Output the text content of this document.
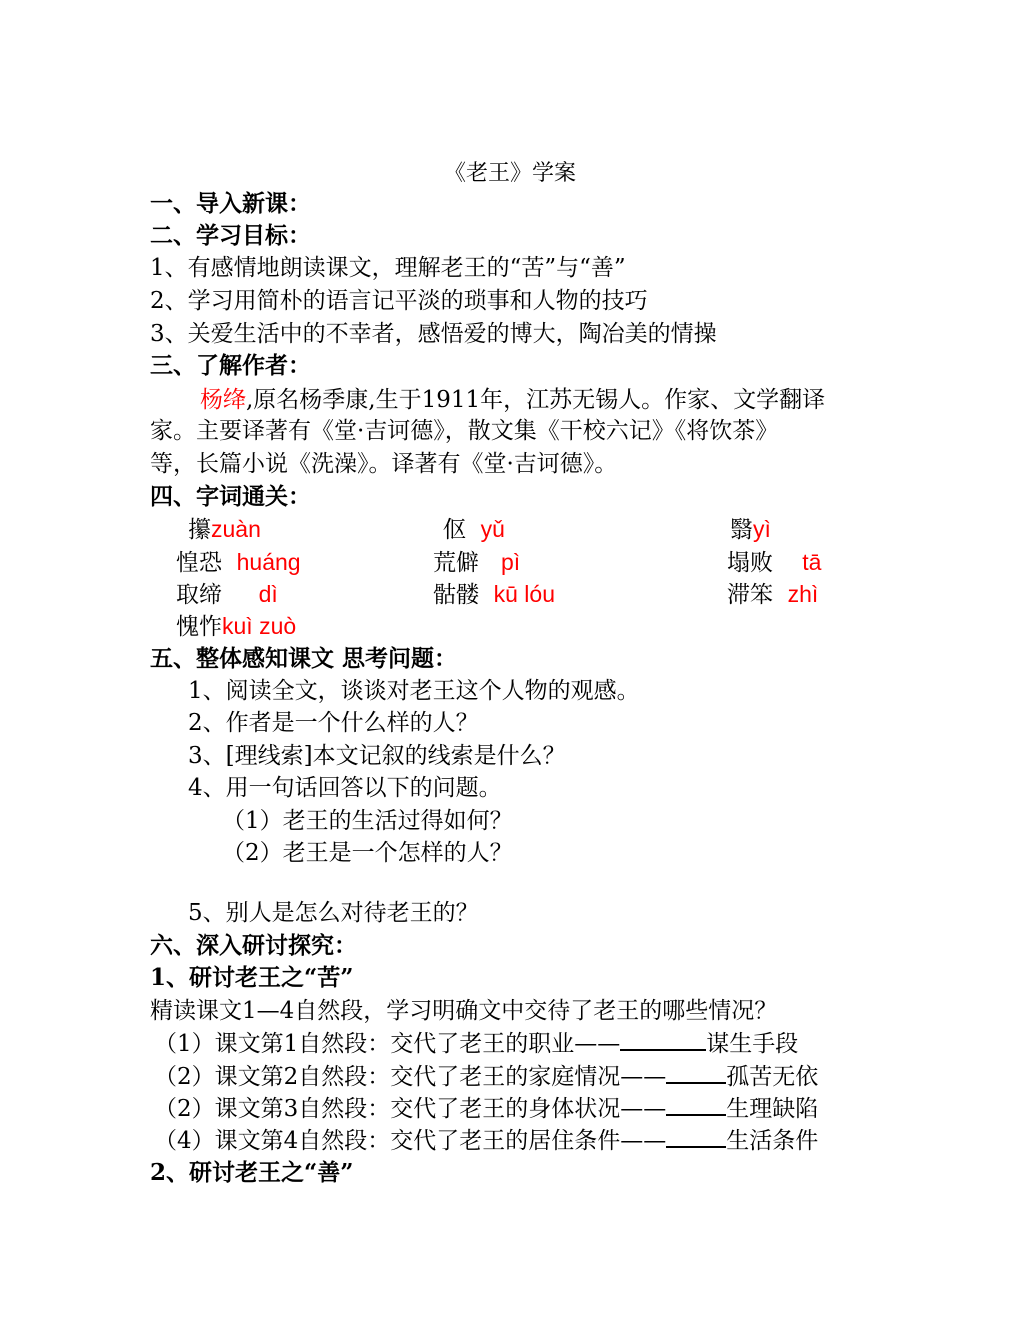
《老王》学案
一、导入新课：
二、学习目标：
1、有感情地朗读课文，理解老王的“苦”与“善”
2、学习用简朴的语言记平淡的琐事和人物的技巧
3、关爱生活中的不幸者，感悟爱的博大，陶冶美的情操
三、了解作者：
杨绛,原名杨季康,生于1911年，江苏无锡人。作家、文学翻译
家。主要译著有《堂·吉诃德》，散文集《干校六记》《将饮茶》
等，长篇小说《洗澡》。译著有《堂·吉诃德》。
四、字词通关：
攥zuàn	伛 yǔ	翳yì
惶恐 huáng	荒僻 pì	塌败 tā
取缔 dì	骷髅 kū lóu	滞笨 zhì
愧怍kuì zuò
五、整体感知课文 思考问题：
1、阅读全文，谈谈对老王这个人物的观感。
2、作者是一个什么样的人？
3、[理线索]本文记叙的线索是什么？
4、用一句话回答以下的问题。
（1）老王的生活过得如何？
（2）老王是一个怎样的人？
5、别人是怎么对待老王的？
六、深入研讨探究：
1、研讨老王之“苦”
精读课文1—4自然段，学习明确文中交待了老王的哪些情况？
（1）课文第1自然段：交代了老王的职业——	谋生手段
（2）课文第2自然段：交代了老王的家庭情况——	孤苦无依
（2）课文第3自然段：交代了老王的身体状况——	生理缺陷
（4）课文第4自然段：交代了老王的居住条件——	生活条件
2、研讨老王之“善”
